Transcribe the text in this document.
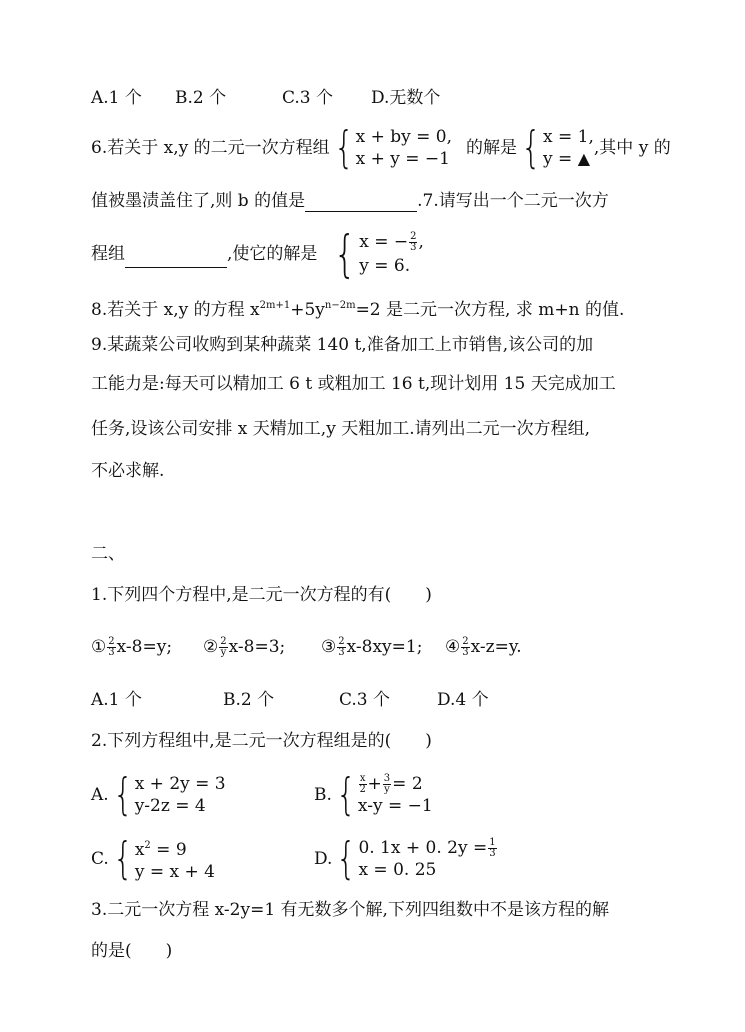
A.1 个 B.2 个	C.3 个 D.无数个
6.若关于 x,y 的二元一次方程组 { x + by = 0,
x + y = −1
的解是 { x = 1,
y = ▲
,其中 y 的
值被墨渍盖住了,则 b 的值是	.7.请写出一个二元一次方
程组	,使它的解是 { x = − $\frac{2}{3}$ ,
y = 6.
8.若关于 x,y 的方程 $x^{2m+1}+5y^{n-2m}=2$ 是二元一次方程, 求 m+n 的值.
9.某蔬菜公司收购到某种蔬菜 140 t,准备加工上市销售,该公司的加
工能力是:每天可以精加工 6 t 或粗加工 16 t,现计划用 15 天完成加工
任务,设该公司安排 x 天精加工,y 天粗加工.请列出二元一次方程组,
不必求解.
二、
1.下列四个方程中,是二元一次方程的有(　　)
① $\frac{2}{3} x-8=y$; ② $\frac{2}{y} x-8=3$; ③ $\frac{2}{3} x-8xy=1$; ④ $\frac{2}{3} x-z=y$.
A.1 个	B.2 个	C.3 个	D.4 个
2.下列方程组中,是二元一次方程组是的(　　)
A. { x + 2y = 3
y-2z = 4
B. { $\frac{x}{2} + \frac{3}{y} = 2$
x-y = −1
C. { $x^2 = 9$
y = x + 4
D. { 0. 1x + 0. $2y = \frac{1}{3}$
x = 0. 25
3.二元一次方程 x-2y=1 有无数多个解,下列四组数中不是该方程的解
的是(　　)
